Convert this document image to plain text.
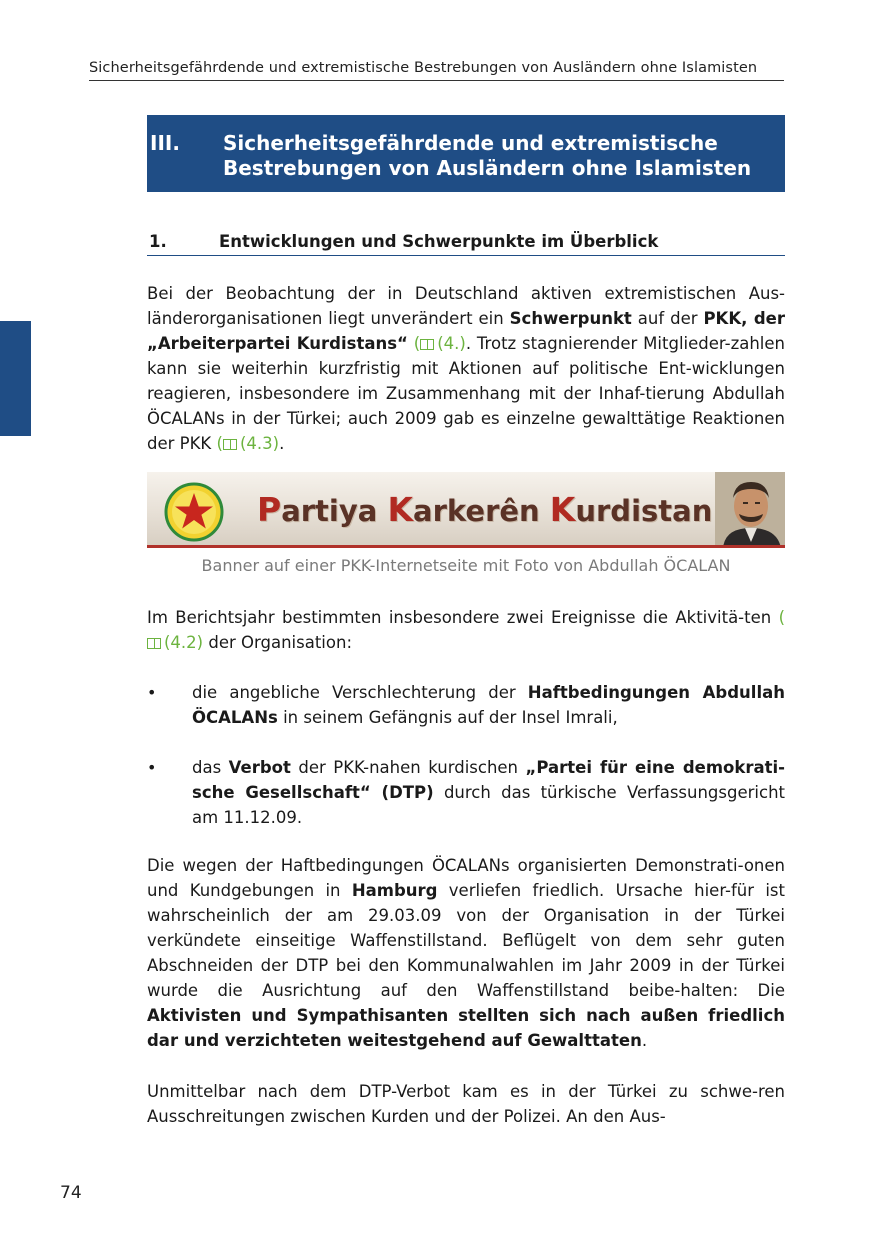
Sicherheitsgefährdende und extremistische Bestrebungen von Ausländern ohne Islamisten
III. Sicherheitsgefährdende und extremistische
Bestrebungen von Ausländern ohne Islamisten
1.	Entwicklungen und Schwerpunkte im Überblick

Bei der Beobachtung der in Deutschland aktiven extremistischen Aus-länderorganisationen liegt unverändert ein Schwerpunkt auf der PKK, der „Arbeiterpartei Kurdistans“ ( (4.). Trotz stagnierender Mitglieder-zahlen kann sie weiterhin kurzfristig mit Aktionen auf politische Ent-wicklungen reagieren, insbesondere im Zusammenhang mit der Inhaf-tierung Abdullah ÖCALANs in der Türkei; auch 2009 gab es einzelne gewalttätige Reaktionen der PKK ( (4.3).

Partiya Karkerên Kurdistan
Banner auf einer PKK-Internetseite mit Foto von Abdullah ÖCALAN

Im Berichtsjahr bestimmten insbesondere zwei Ereignisse die Aktivitä-ten ((4.2) der Organisation:

• die angebliche Verschlechterung der Haftbedingungen Abdullah ÖCALANs in seinem Gefängnis auf der Insel Imrali,

• das Verbot der PKK-nahen kurdischen „Partei für eine demokrati-sche Gesellschaft“ (DTP) durch das türkische Verfassungsgericht am 11.12.09.

Die wegen der Haftbedingungen ÖCALANs organisierten Demonstrati-onen und Kundgebungen in Hamburg verliefen friedlich. Ursache hier-für ist wahrscheinlich der am 29.03.09 von der Organisation in der Türkei verkündete einseitige Waffenstillstand. Beflügelt von dem sehr guten Abschneiden der DTP bei den Kommunalwahlen im Jahr 2009 in der Türkei wurde die Ausrichtung auf den Waffenstillstand beibe-halten: Die Aktivisten und Sympathisanten stellten sich nach außen friedlich dar und verzichteten weitestgehend auf Gewalttaten.

Unmittelbar nach dem DTP-Verbot kam es in der Türkei zu schwe-ren Ausschreitungen zwischen Kurden und der Polizei. An den Aus-

74
